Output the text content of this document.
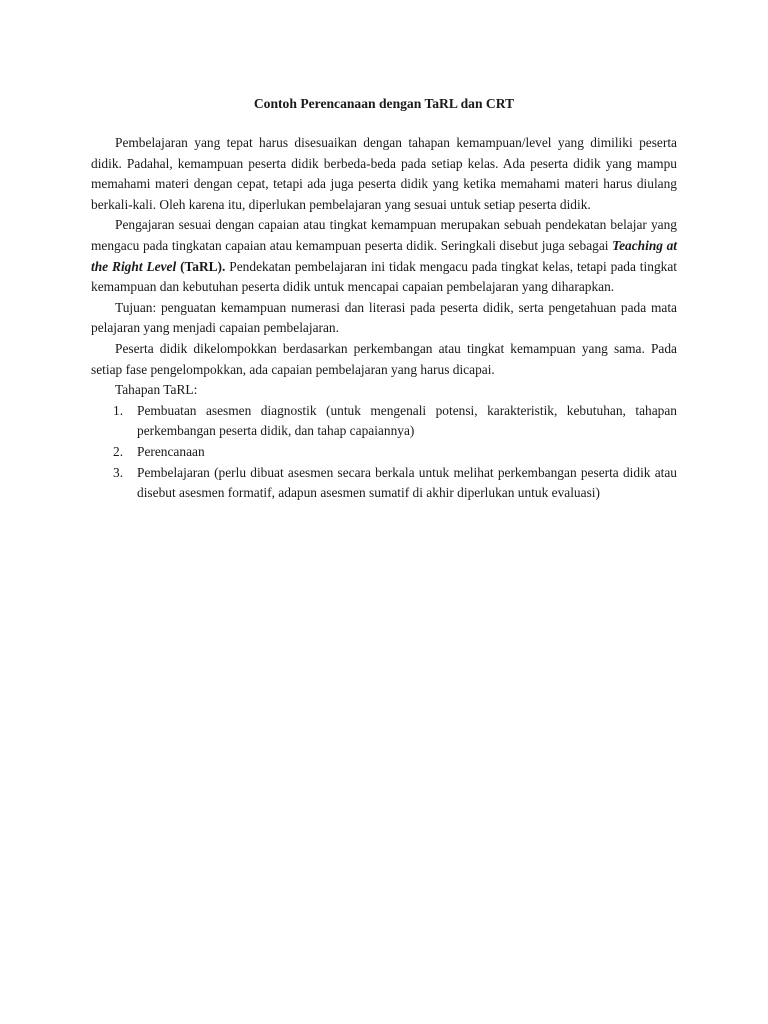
Contoh Perencanaan dengan TaRL dan CRT

Pembelajaran yang tepat harus disesuaikan dengan tahapan kemampuan/level yang dimiliki peserta didik. Padahal, kemampuan peserta didik berbeda-beda pada setiap kelas. Ada peserta didik yang mampu memahami materi dengan cepat, tetapi ada juga peserta didik yang ketika memahami materi harus diulang berkali-kali. Oleh karena itu, diperlukan pembelajaran yang sesuai untuk setiap peserta didik.

Pengajaran sesuai dengan capaian atau tingkat kemampuan merupakan sebuah pendekatan belajar yang mengacu pada tingkatan capaian atau kemampuan peserta didik. Seringkali disebut juga sebagai Teaching at the Right Level (TaRL). Pendekatan pembelajaran ini tidak mengacu pada tingkat kelas, tetapi pada tingkat kemampuan dan kebutuhan peserta didik untuk mencapai capaian pembelajaran yang diharapkan.

Tujuan: penguatan kemampuan numerasi dan literasi pada peserta didik, serta pengetahuan pada mata pelajaran yang menjadi capaian pembelajaran.

Peserta didik dikelompokkan berdasarkan perkembangan atau tingkat kemampuan yang sama. Pada setiap fase pengelompokkan, ada capaian pembelajaran yang harus dicapai.

Tahapan TaRL:

1.	Pembuatan asesmen diagnostik (untuk mengenali potensi, karakteristik, kebutuhan, tahapan perkembangan peserta didik, dan tahap capaiannya)
2.	Perencanaan
3.	Pembelajaran (perlu dibuat asesmen secara berkala untuk melihat perkembangan peserta didik atau disebut asesmen formatif, adapun asesmen sumatif di akhir diperlukan untuk evaluasi)
